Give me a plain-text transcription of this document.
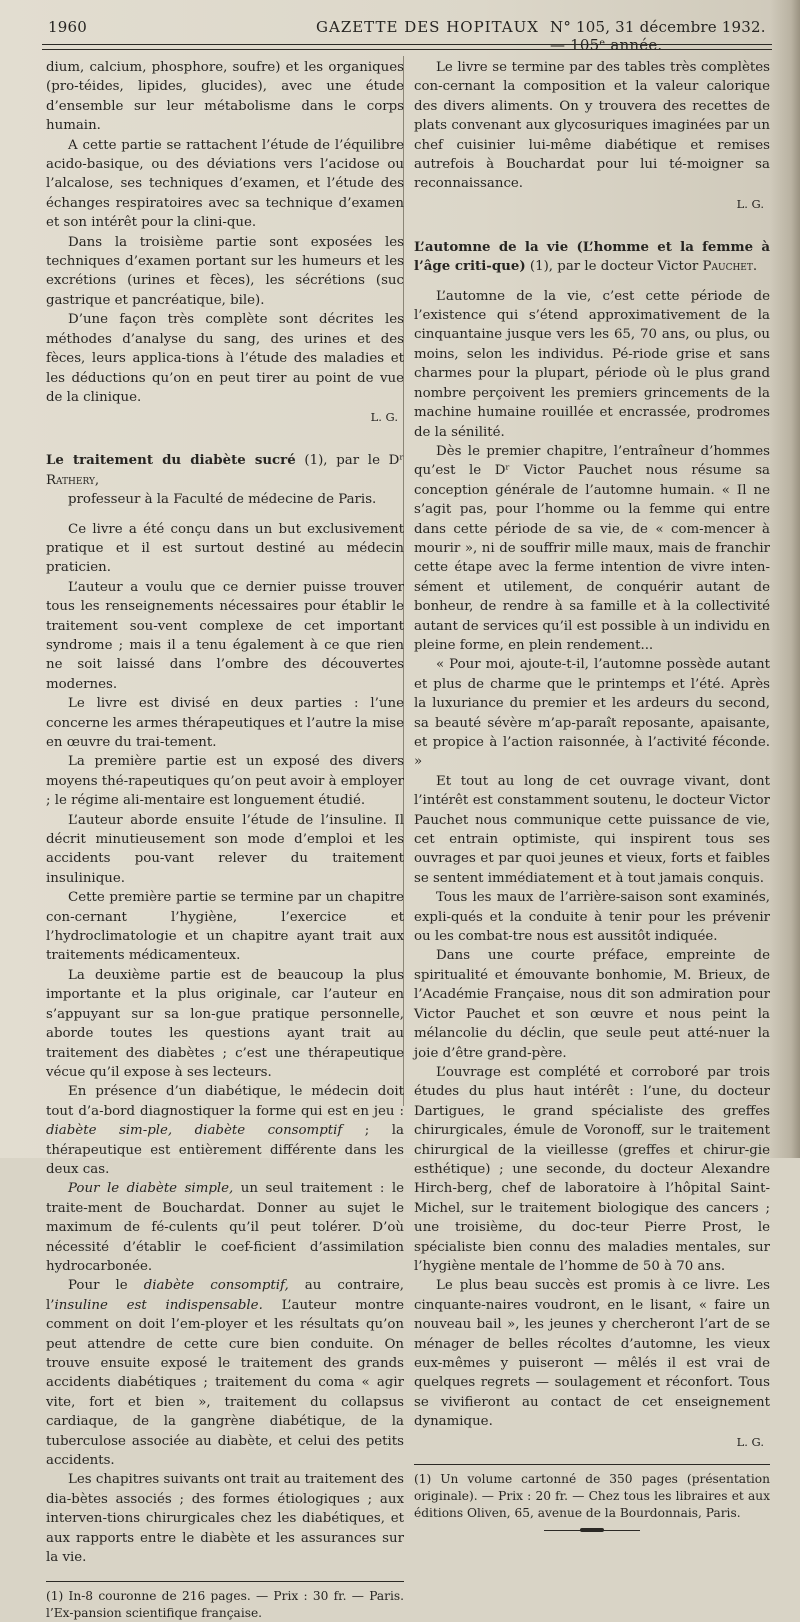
1960	GAZETTE DES HOPITAUX N° 105, 31 décembre 1932. — 105ᵉ année.

dium, calcium, phosphore, soufre) et les organiques (pro-téides, lipides, glucides), avec une étude d’ensemble sur leur métabolisme dans le corps humain.

A cette partie se rattachent l’étude de l’équilibre acido-basique, ou des déviations vers l’acidose ou l’alcalose, ses techniques d’examen, et l’étude des échanges respiratoires avec sa technique d’examen et son intérêt pour la clini-que.

Dans la troisième partie sont exposées les techniques d’examen portant sur les humeurs et les excrétions (urines et fèces), les sécrétions (suc gastrique et pancréatique, bile).

D’une façon très complète sont décrites les méthodes d’analyse du sang, des urines et des fèces, leurs applica-tions à l’étude des maladies et les déductions qu’on en peut tirer au point de vue de la clinique.

L. G.
Le traitement du diabète sucré (1), par le Dʳ Rathery,
professeur à la Faculté de médecine de Paris.

Ce livre a été conçu dans un but exclusivement pratique et il est surtout destiné au médecin praticien.

L’auteur a voulu que ce dernier puisse trouver tous les renseignements nécessaires pour établir le traitement sou-vent complexe de cet important syndrome ; mais il a tenu également à ce que rien ne soit laissé dans l’ombre des découvertes modernes.

Le livre est divisé en deux parties : l’une concerne les armes thérapeutiques et l’autre la mise en œuvre du trai-tement.

La première partie est un exposé des divers moyens thé-rapeutiques qu’on peut avoir à employer ; le régime ali-mentaire est longuement étudié.

L’auteur aborde ensuite l’étude de l’insuline. Il décrit minutieusement son mode d’emploi et les accidents pou-vant relever du traitement insulinique.

Cette première partie se termine par un chapitre con-cernant l’hygiène, l’exercice et l’hydroclimatologie et un chapitre ayant trait aux traitements médicamenteux.

La deuxième partie est de beaucoup la plus importante et la plus originale, car l’auteur en s’appuyant sur sa lon-gue pratique personnelle, aborde toutes les questions ayant trait au traitement des diabètes ; c’est une thérapeutique vécue qu’il expose à ses lecteurs.

En présence d’un diabétique, le médecin doit tout d’a-bord diagnostiquer la forme qui est en jeu : diabète sim-ple, diabète consomptif ; la thérapeutique est entièrement différente dans les deux cas.

Pour le diabète simple, un seul traitement : le traite-ment de Bouchardat. Donner au sujet le maximum de fé-culents qu’il peut tolérer. D’où nécessité d’établir le coef-ficient d’assimilation hydrocarbonée.

Pour le diabète consomptif, au contraire, l’insuline est indispensable. L’auteur montre comment on doit l’em-ployer et les résultats qu’on peut attendre de cette cure bien conduite. On trouve ensuite exposé le traitement des grands accidents diabétiques ; traitement du coma « agir vite, fort et bien », traitement du collapsus cardiaque, de la gangrène diabétique, de la tuberculose associée au diabète, et celui des petits accidents.

Les chapitres suivants ont trait au traitement des dia-bètes associés ; des formes étiologiques ; aux interven-tions chirurgicales chez les diabétiques, et aux rapports entre le diabète et les assurances sur la vie.

(1) In-8 couronne de 216 pages. — Prix : 30 fr. — Paris. l’Ex-pansion scientifique française.

Le livre se termine par des tables très complètes con-cernant la composition et la valeur calorique des divers aliments. On y trouvera des recettes de plats convenant aux glycosuriques imaginées par un chef cuisinier lui-même diabétique et remises autrefois à Bouchardat pour lui té-moigner sa reconnaissance.

L. G.
L’automne de la vie (L’homme et la femme à l’âge criti-que) (1), par le docteur Victor Pauchet.

L’automne de la vie, c’est cette période de l’existence qui s’étend approximativement de la cinquantaine jusque vers les 65, 70 ans, ou plus, ou moins, selon les individus. Pé-riode grise et sans charmes pour la plupart, période où le plus grand nombre perçoivent les premiers grincements de la machine humaine rouillée et encrassée, prodromes de la sénilité.

Dès le premier chapitre, l’entraîneur d’hommes qu’est le Dʳ Victor Pauchet nous résume sa conception générale de l’automne humain. « Il ne s’agit pas, pour l’homme ou la femme qui entre dans cette période de sa vie, de « com-mencer à mourir », ni de souffrir mille maux, mais de franchir cette étape avec la ferme intention de vivre inten-sément et utilement, de conquérir autant de bonheur, de rendre à sa famille et à la collectivité autant de services qu’il est possible à un individu en pleine forme, en plein rendement...

« Pour moi, ajoute-t-il, l’automne possède autant et plus de charme que le printemps et l’été. Après la luxuriance du premier et les ardeurs du second, sa beauté sévère m’ap-paraît reposante, apaisante, et propice à l’action raisonnée, à l’activité féconde. »

Et tout au long de cet ouvrage vivant, dont l’intérêt est constamment soutenu, le docteur Victor Pauchet nous communique cette puissance de vie, cet entrain optimiste, qui inspirent tous ses ouvrages et par quoi jeunes et vieux, forts et faibles se sentent immédiatement et à tout jamais conquis.

Tous les maux de l’arrière-saison sont examinés, expli-qués et la conduite à tenir pour les prévenir ou les combat-tre nous est aussitôt indiquée.

Dans une courte préface, empreinte de spiritualité et émouvante bonhomie, M. Brieux, de l’Académie Française, nous dit son admiration pour Victor Pauchet et son œuvre et nous peint la mélancolie du déclin, que seule peut atté-nuer la joie d’être grand-père.

L’ouvrage est complété et corroboré par trois études du plus haut intérêt : l’une, du docteur Dartigues, le grand spécialiste des greffes chirurgicales, émule de Voronoff, sur le traitement chirurgical de la vieillesse (greffes et chirur-gie esthétique) ; une seconde, du docteur Alexandre Hirch-berg, chef de laboratoire à l’hôpital Saint-Michel, sur le traitement biologique des cancers ; une troisième, du doc-teur Pierre Prost, le spécialiste bien connu des maladies mentales, sur l’hygiène mentale de l’homme de 50 à 70 ans.

Le plus beau succès est promis à ce livre. Les cinquante-naires voudront, en le lisant, « faire un nouveau bail », les jeunes y chercheront l’art de se ménager de belles récoltes d’automne, les vieux eux-mêmes y puiseront — mêlés il est vrai de quelques regrets — soulagement et réconfort. Tous se vivifieront au contact de cet enseignement dynamique.

L. G.

(1) Un volume cartonné de 350 pages (présentation originale). — Prix : 20 fr. — Chez tous les libraires et aux éditions Oliven, 65, avenue de la Bourdonnais, Paris.
